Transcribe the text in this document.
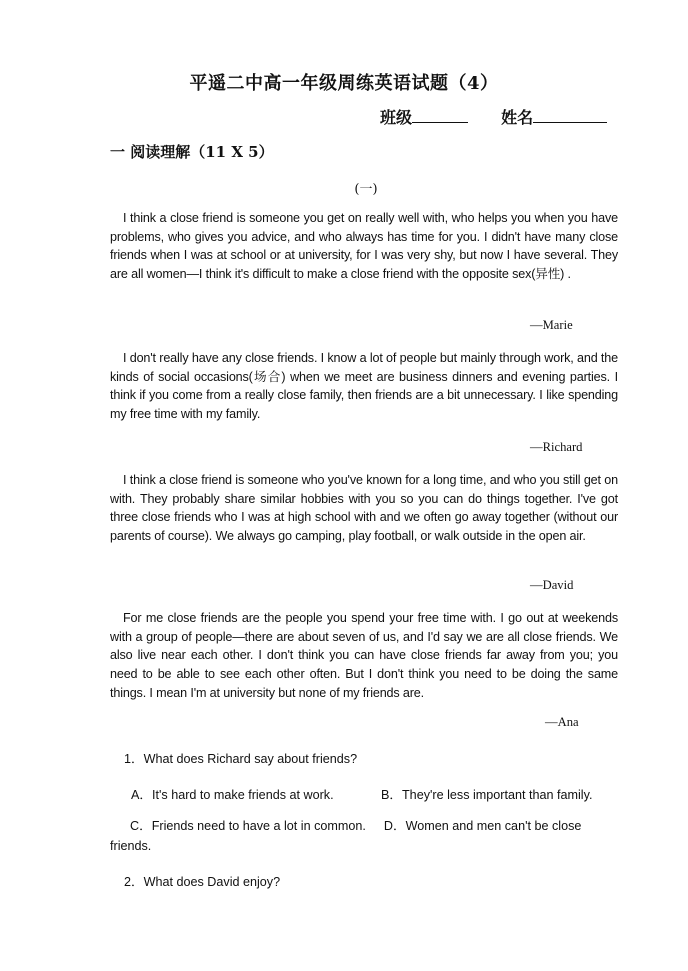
平遥二中高一年级周练英语试题（4）
班级	姓名
一 阅读理解（11 X 5）
(一)
I think a close friend is someone you get on really well with, who helps you when you have problems, who gives you advice, and who always has time for you. I didn't have many close friends when I was at school or at university, for I was very shy, but now I have several. They are all women—I think it's difficult to make a close friend with the opposite sex(异性) .
—Marie
I don't really have any close friends. I know a lot of people but mainly through work, and the kinds of social occasions(场合) when we meet are business dinners and evening parties. I think if you come from a really close family, then friends are a bit unnecessary. I like spending my free time with my family.
—Richard
I think a close friend is someone who you've known for a long time, and who you still get on with. They probably share similar hobbies with you so you can do things together. I've got three close friends who I was at high school with and we often go away together (without our parents of course). We always go camping, play football, or walk outside in the open air.
—David
For me close friends are the people you spend your free time with. I go out at weekends with a group of people—there are about seven of us, and I'd say we are all close friends. We also live near each other. I don't think you can have close friends far away from you; you need to be able to see each other often. But I don't think you need to be doing the same things. I mean I'm at university but none of my friends are.
—Ana
1．What does Richard say about friends?
A．It's hard to make friends at work.	B．They're less important than family.
C．Friends need to have a lot in common. D．Women and men can't be close friends.
2．What does David enjoy?
